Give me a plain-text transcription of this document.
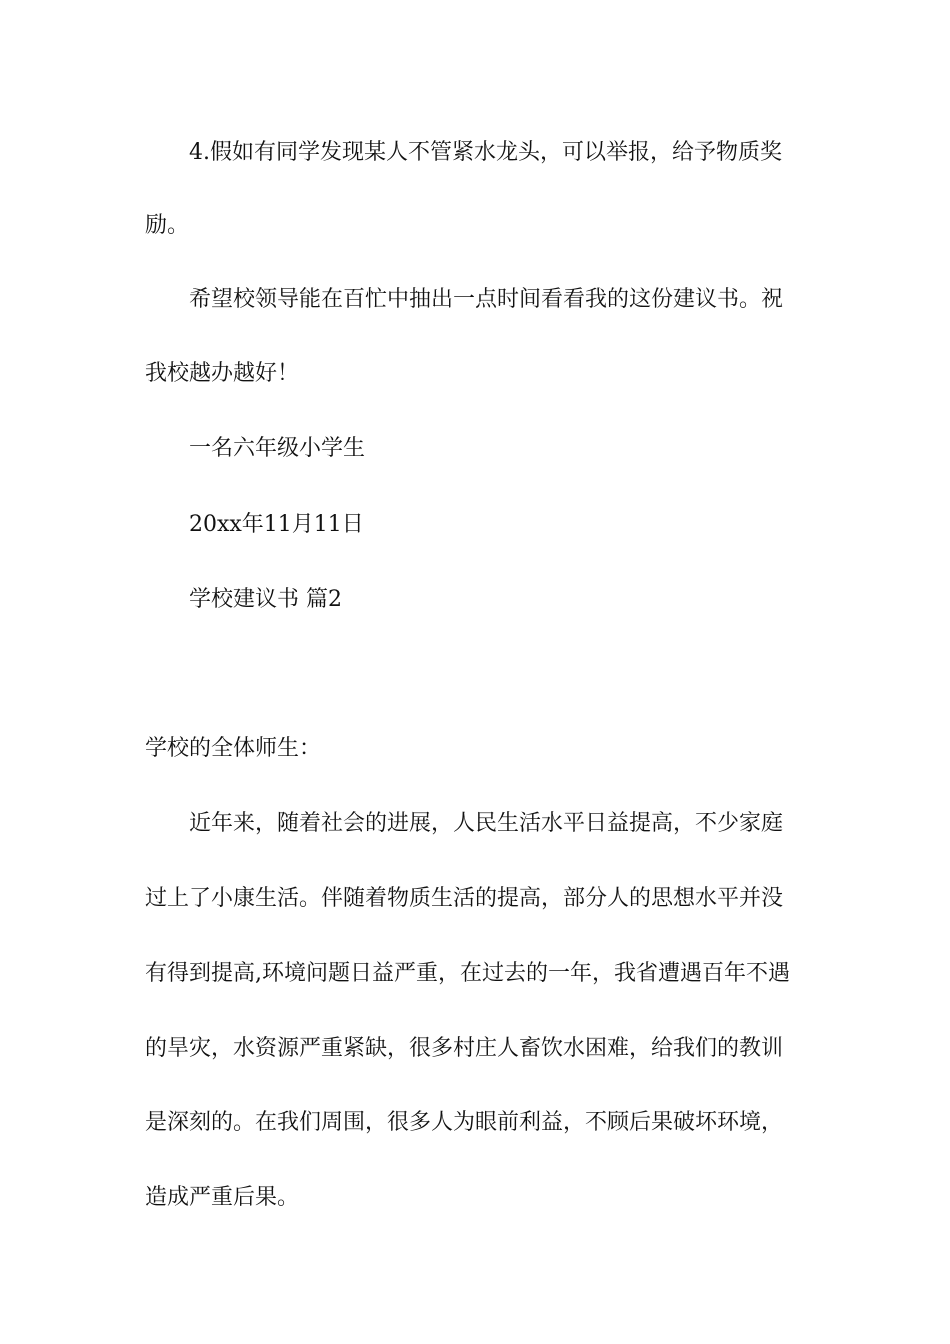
4.假如有同学发现某人不管紧水龙头，可以举报，给予物质奖
励。
希望校领导能在百忙中抽出一点时间看看我的这份建议书。祝
我校越办越好！
一名六年级小学生
20xx年11月11日
学校建议书 篇2
学校的全体师生：
近年来，随着社会的进展，人民生活水平日益提高，不少家庭
过上了小康生活。伴随着物质生活的提高，部分人的思想水平并没
有得到提高,环境问题日益严重，在过去的一年，我省遭遇百年不遇
的旱灾，水资源严重紧缺，很多村庄人畜饮水困难，给我们的教训
是深刻的。在我们周围，很多人为眼前利益，不顾后果破坏环境，
造成严重后果。
